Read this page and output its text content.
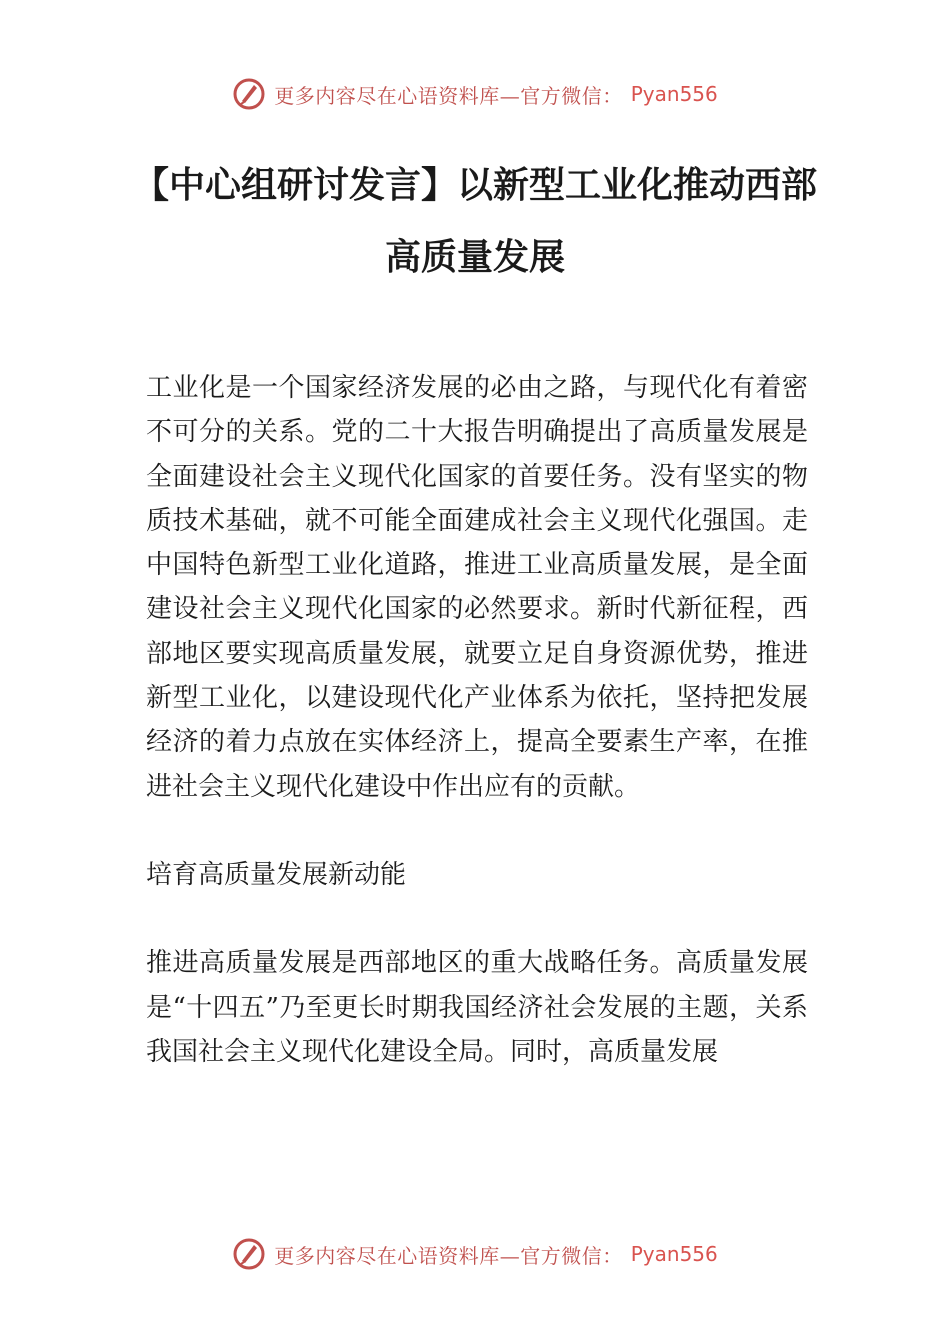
更多内容尽在心语资料库—官方微信： Pyan556
【中心组研讨发言】以新型工业化推动西部
高质量发展

工业化是一个国家经济发展的必由之路，与现代化有着密不可分的关系。党的二十大报告明确提出了高质量发展是全面建设社会主义现代化国家的首要任务。没有坚实的物质技术基础，就不可能全面建成社会主义现代化强国。走中国特色新型工业化道路，推进工业高质量发展，是全面建设社会主义现代化国家的必然要求。新时代新征程，西部地区要实现高质量发展，就要立足自身资源优势，推进新型工业化，以建设现代化产业体系为依托，坚持把发展经济的着力点放在实体经济上，提高全要素生产率，在推进社会主义现代化建设中作出应有的贡献。

培育高质量发展新动能

推进高质量发展是西部地区的重大战略任务。高质量发展是“十四五”乃至更长时期我国经济社会发展的主题，关系我国社会主义现代化建设全局。同时，高质量发展

更多内容尽在心语资料库—官方微信： Pyan556
